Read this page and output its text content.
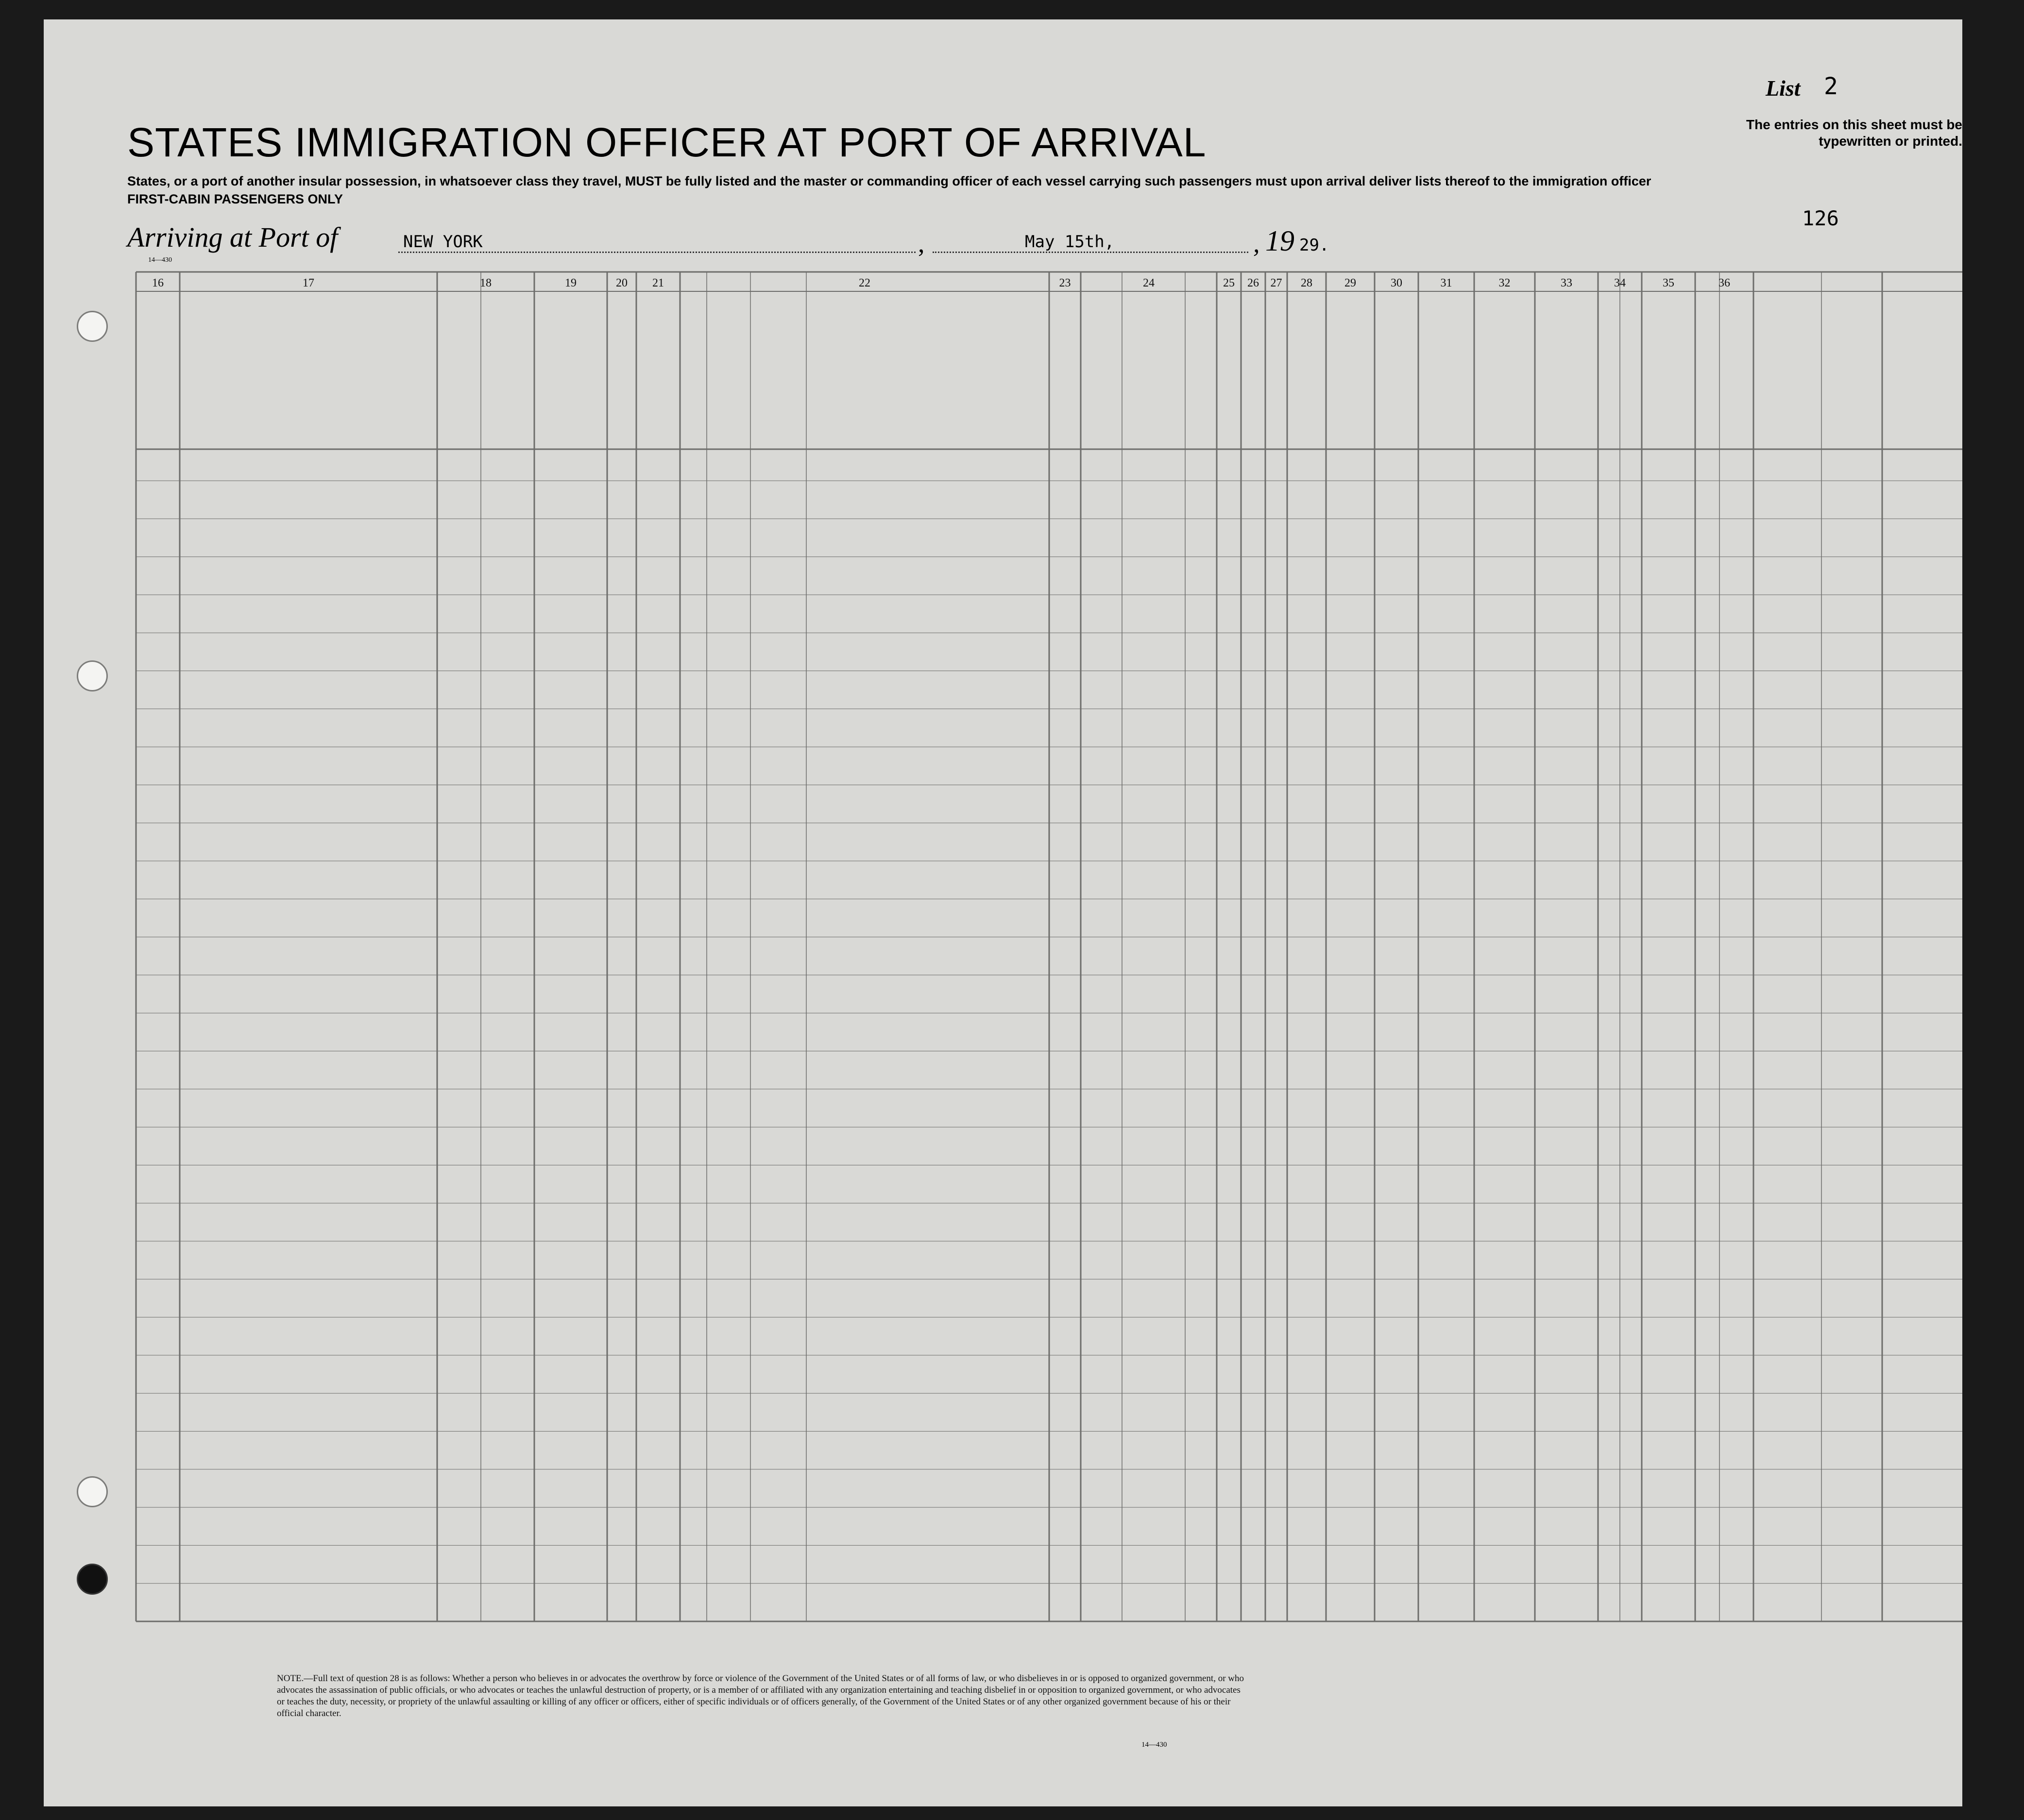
List 2
The entries on this sheet must be typewritten or printed.
STATES IMMIGRATION OFFICER AT PORT OF ARRIVAL
States, or a port of another insular possession, in whatsoever class they travel, MUST be fully listed and the master or commanding officer of each vessel carrying such passengers must upon arrival deliver lists thereof to the immigration officer
FIRST-CABIN PASSENGERS ONLY
Arriving at Port of	NEW YORK	,	May 15th,	, 19 29.
126
14—430
16	17	18	19	20 21	22	23	24	25 26 27 28	29	30	31	32	33	34	35	36
NOTE.—Full text of question 28 is as follows: Whether a person who believes in or advocates the overthrow by force or violence of the Government of the United States or of all forms of law, or who disbelieves in or is opposed to organized government, or who advocates the assassination of public officials, or who advocates or teaches the unlawful destruction of property, or is a member of or affiliated with any organization entertaining and teaching disbelief in or opposition to organized government, or who advocates or teaches the duty, necessity, or propriety of the unlawful assaulting or killing of any officer or officers, either of specific individuals or of officers generally, of the Government of the United States or of any other organized government because of his or their official character.
14—430
